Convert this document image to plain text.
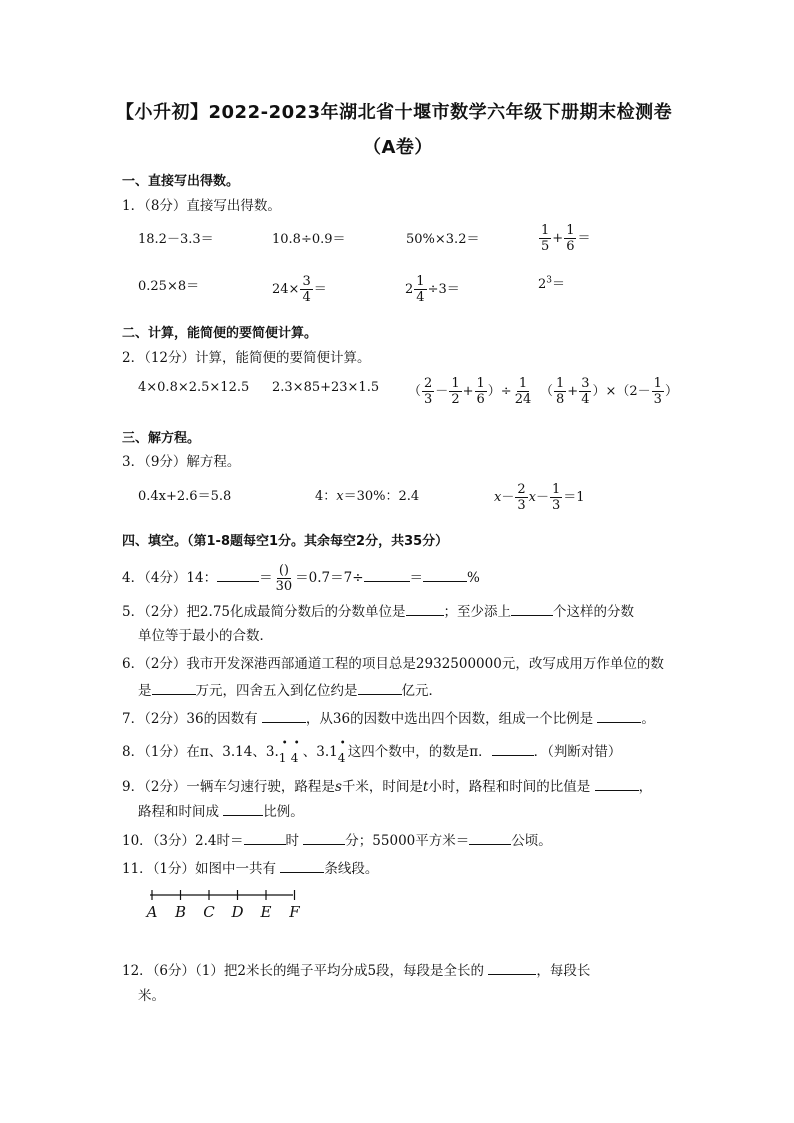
【小升初】2022-2023年湖北省十堰市数学六年级下册期末检测卷
（A卷）
一、直接写出得数。
1．（8分）直接写出得数。
18.2－3.3＝	10.8÷0.9＝	50%×3.2＝	$\frac{1}{5} + \frac{1}{6}$ ＝
0.25×8＝	$24\times \frac{3}{4}$ ＝	$2 \frac{1}{4} \div 3=$	$2^3=$
二、计算，能简便的要简便计算。
2．（12分）计算，能简便的要简便计算。
4×0.8×2.5×12.5 2.3×85+23×1.5 （ $\frac{2}{3} - \frac{1}{2} + \frac{1}{6}$ ）÷ $\frac{1}{24}$ （ $\frac{1}{8} + \frac{3}{4} )\times(2- \frac{1}{3}$ ）
三、解方程。
3．（9分）解方程。
0.4x+2.6＝5.8	4：x＝30%：2.4	$x- \frac{2}{3} x- \frac{1}{3} =1$
四、填空。（第1-8题每空1分。其余每空2分，共35分）
4．（4分）14：	＝ $\frac{()}{30} =0.7=7\div$	＝	%
5．（2分）把2.75化成最简分数后的分数单位是	；至少添上	个这样的分数
单位等于最小的合数．
6．（2分）我市开发深港西部通道工程的项目总是2932500000元，改写成用万作单位的数
是	万元，四舍五入到亿位约是	亿元．
7．（2分）36的因数有	，从36的因数中选出四个因数，组成一个比例是	。
8．（1分）在π、3.14、3.
•
1
•
4 、3.1
•
4 这四个数中，的数是π．	．（判断对错）
9．（2分）一辆车匀速行驶，路程是s千米，时间是t小时，路程和时间的比值是	，
路程和时间成	比例。
10．（3分）2.4时＝	时	分；55000平方米＝	公顷。
11．（1分）如图中一共有	条线段。
A B C D E F
12．（6分）（1）把2米长的绳子平均分成5段，每段是全长的	，每段长
米。
